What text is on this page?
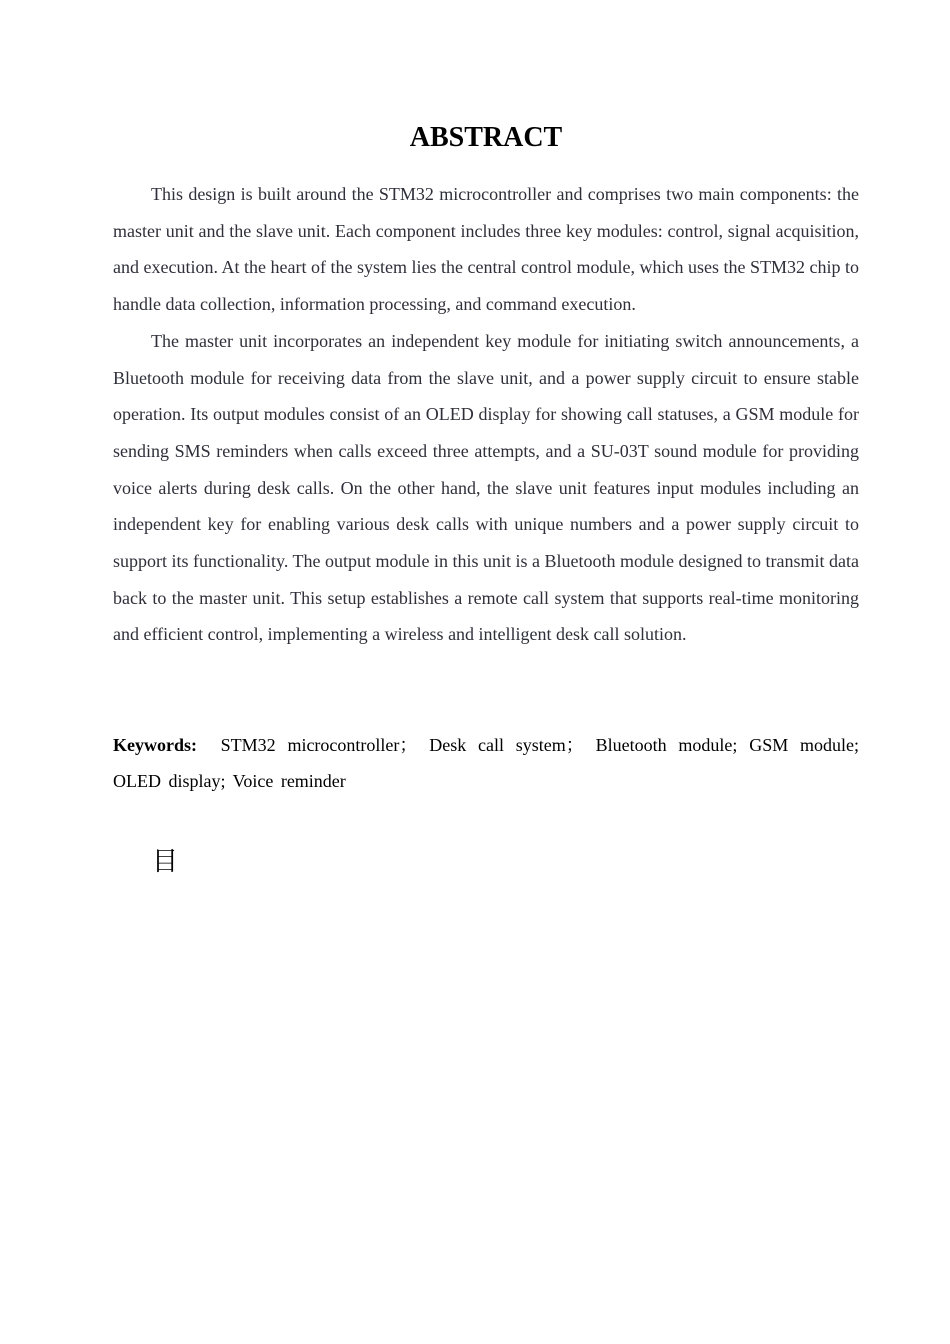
ABSTRACT

This design is built around the STM32 microcontroller and comprises two main components: the master unit and the slave unit. Each component includes three key modules: control, signal acquisition, and execution. At the heart of the system lies the central control module, which uses the STM32 chip to handle data collection, information processing, and command execution.

The master unit incorporates an independent key module for initiating switch announcements, a Bluetooth module for receiving data from the slave unit, and a power supply circuit to ensure stable operation. Its output modules consist of an OLED display for showing call statuses, a GSM module for sending SMS reminders when calls exceed three attempts, and a SU-03T sound module for providing voice alerts during desk calls. On the other hand, the slave unit features input modules including an independent key for enabling various desk calls with unique numbers and a power supply circuit to support its functionality. The output module in this unit is a Bluetooth module designed to transmit data back to the master unit. This setup establishes a remote call system that supports real-time monitoring and efficient control, implementing a wireless and intelligent desk call solution.

Keywords: STM32 microcontroller； Desk call system； Bluetooth module; GSM module; OLED display; Voice reminder

目
